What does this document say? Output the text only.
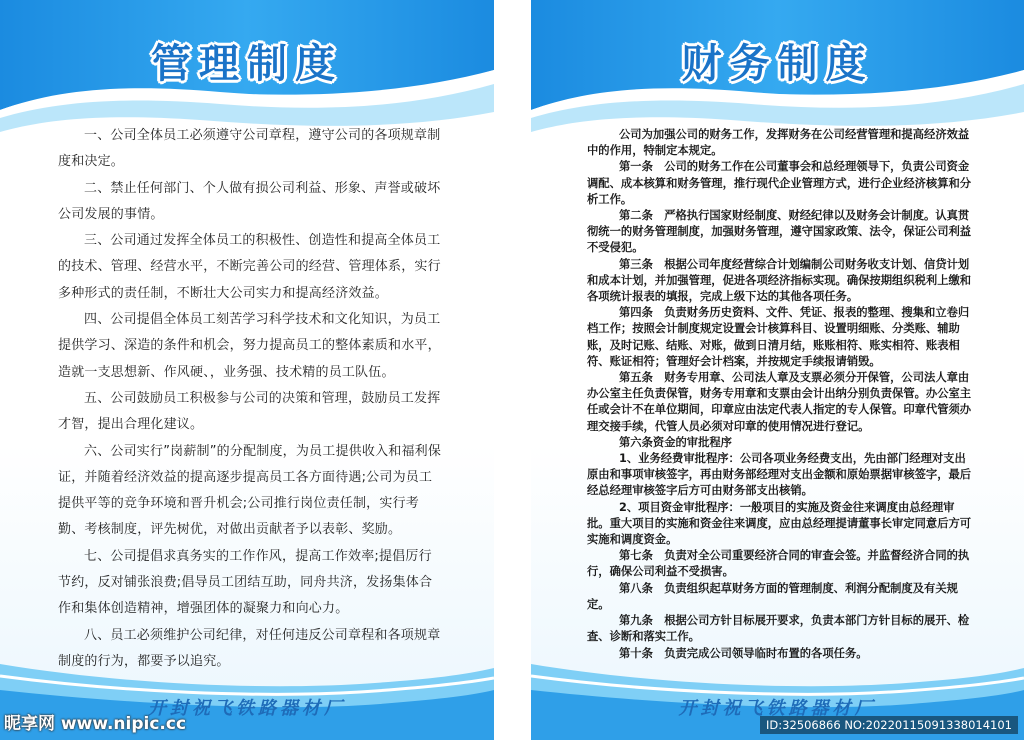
管理制度

一、公司全体员工必须遵守公司章程，遵守公司的各项规章制度和决定。

二、禁止任何部门、个人做有损公司利益、形象、声誉或破坏公司发展的事情。

三、公司通过发挥全体员工的积极性、创造性和提高全体员工的技术、管理、经营水平，不断完善公司的经营、管理体系，实行多种形式的责任制，不断壮大公司实力和提高经济效益。

四、公司提倡全体员工刻苦学习科学技术和文化知识，为员工提供学习、深造的条件和机会，努力提高员工的整体素质和水平，造就一支思想新、作风硬、，业务强、技术精的员工队伍。

五、公司鼓励员工积极参与公司的决策和管理，鼓励员工发挥才智，提出合理化建议。

六、公司实行”岗薪制”的分配制度，为员工提供收入和福利保证，并随着经济效益的提高逐步提高员工各方面待遇;公司为员工提供平等的竞争环境和晋升机会;公司推行岗位责任制，实行考勤、考核制度，评先树优，对做出贡献者予以表彰、奖励。

七、公司提倡求真务实的工作作风，提高工作效率;提倡厉行节约，反对铺张浪费;倡导员工团结互助，同舟共济，发扬集体合作和集体创造精神，增强团体的凝聚力和向心力。

八、员工必须维护公司纪律，对任何违反公司章程和各项规章制度的行为，都要予以追究。

开封祝飞铁路器材厂
财务制度

公司为加强公司的财务工作，发挥财务在公司经营管理和提高经济效益中的作用，特制定本规定。

第一条　公司的财务工作在公司董事会和总经理领导下，负责公司资金调配、成本核算和财务管理，推行现代企业管理方式，进行企业经济核算和分析工作。

第二条　严格执行国家财经制度、财经纪律以及财务会计制度。认真贯彻统一的财务管理制度，加强财务管理，遵守国家政策、法令，保证公司利益不受侵犯。

第三条　根据公司年度经营综合计划编制公司财务收支计划、信贷计划和成本计划，并加强管理，促进各项经济指标实现。确保按期组织税利上缴和各项统计报表的填报，完成上级下达的其他各项任务。

第四条　负责财务历史资料、文件、凭证、报表的整理、搜集和立卷归档工作；按照会计制度规定设置会计核算科目、设置明细账、分类账、辅助账，及时记账、结账、对账，做到日清月结，账账相符、账实相符、账表相符、账证相符；管理好会计档案，并按规定手续报请销毁。

第五条　财务专用章、公司法人章及支票必须分开保管，公司法人章由办公室主任负责保管，财务专用章和支票由会计出纳分别负责保管。办公室主任或会计不在单位期间，印章应由法定代表人指定的专人保管。印章代管须办理交接手续，代管人员必须对印章的使用情况进行登记。

第六条资金的审批程序

1、业务经费审批程序：公司各项业务经费支出，先由部门经理对支出原由和事项审核签字，再由财务部经理对支出金额和原始票据审核签字，最后经总经理审核签字后方可由财务部支出核销。

2、项目资金审批程序：一般项目的实施及资金往来调度由总经理审批。重大项目的实施和资金往来调度，应由总经理提请董事长审定同意后方可实施和调度资金。

第七条　负责对全公司重要经济合同的审查会签。并监督经济合同的执行，确保公司利益不受损害。

第八条　负责组织起草财务方面的管理制度、利润分配制度及有关规定。

第九条　根据公司方针目标展开要求，负责本部门方针目标的展开、检查、诊断和落实工作。

第十条　负责完成公司领导临时布置的各项任务。

开封祝飞铁路器材厂
昵享网 www.nipic.cc	ID:32506866 NO:20220115091338014101
